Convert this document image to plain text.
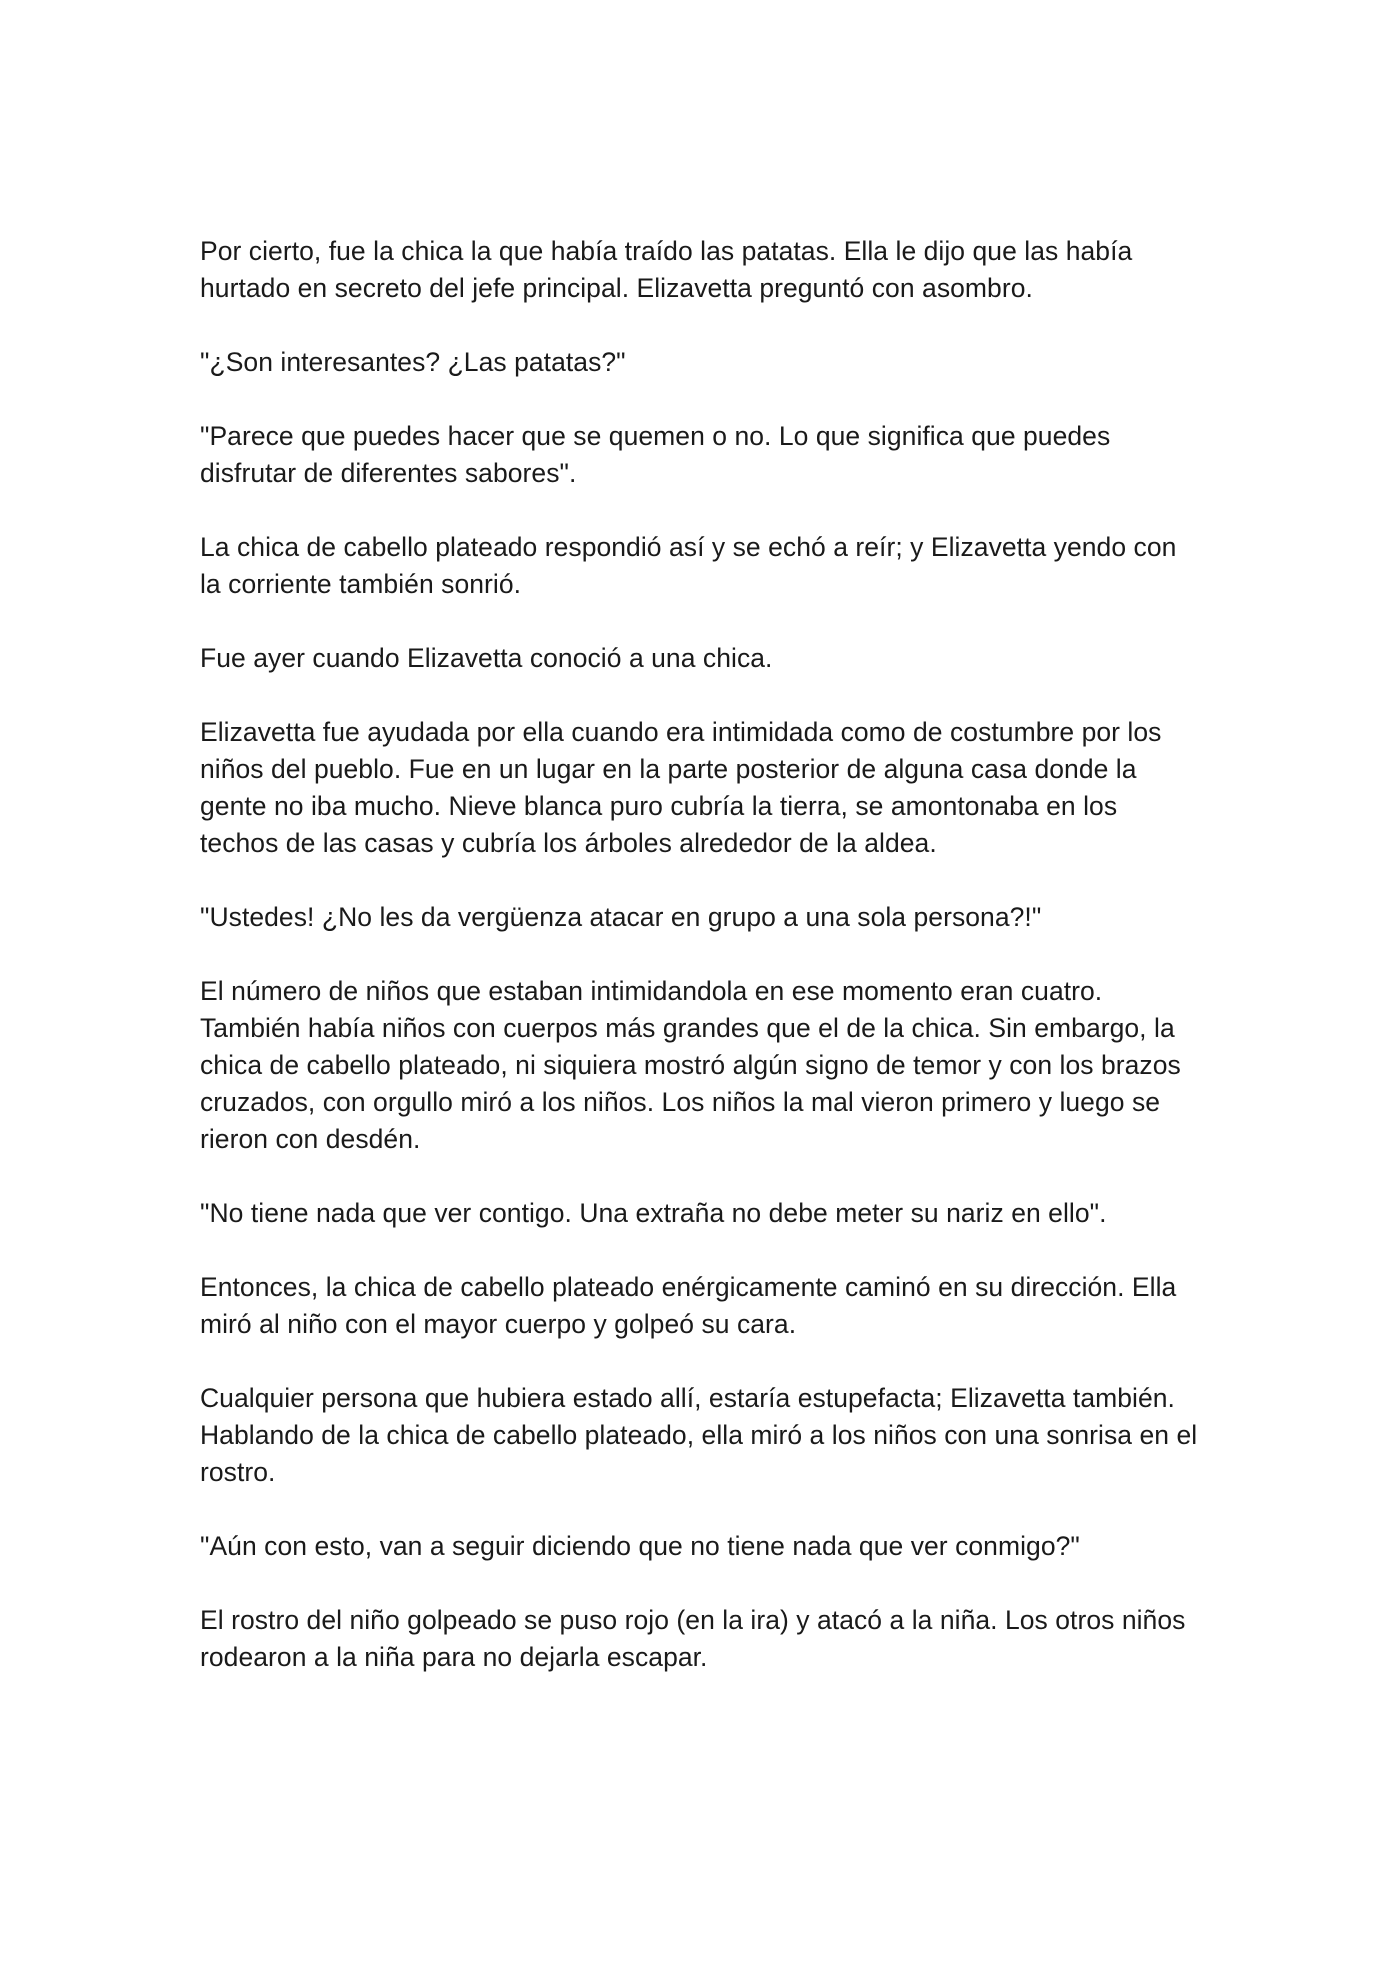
Por cierto, fue la chica la que había traído las patatas. Ella le dijo que las había hurtado en secreto del jefe principal. Elizavetta preguntó con asombro.

"¿Son interesantes? ¿Las patatas?"

"Parece que puedes hacer que se quemen o no. Lo que significa que puedes disfrutar de diferentes sabores".

La chica de cabello plateado respondió así y se echó a reír; y Elizavetta yendo con la corriente también sonrió.

Fue ayer cuando Elizavetta conoció a una chica.

Elizavetta fue ayudada por ella cuando era intimidada como de costumbre por los niños del pueblo. Fue en un lugar en la parte posterior de alguna casa donde la gente no iba mucho. Nieve blanca puro cubría la tierra, se amontonaba en los techos de las casas y cubría los árboles alrededor de la aldea.

"Ustedes! ¿No les da vergüenza atacar en grupo a una sola persona?!"

El número de niños que estaban intimidandola en ese momento eran cuatro. También había niños con cuerpos más grandes que el de la chica. Sin embargo, la chica de cabello plateado, ni siquiera mostró algún signo de temor y con los brazos cruzados, con orgullo miró a los niños. Los niños la mal vieron primero y luego se rieron con desdén.

"No tiene nada que ver contigo. Una extraña no debe meter su nariz en ello".

Entonces, la chica de cabello plateado enérgicamente caminó en su dirección. Ella miró al niño con el mayor cuerpo y golpeó su cara.

Cualquier persona que hubiera estado allí, estaría estupefacta; Elizavetta también. Hablando de la chica de cabello plateado, ella miró a los niños con una sonrisa en el rostro.

"Aún con esto, van a seguir diciendo que no tiene nada que ver conmigo?"

El rostro del niño golpeado se puso rojo (en la ira) y atacó a la niña. Los otros niños rodearon a la niña para no dejarla escapar.
